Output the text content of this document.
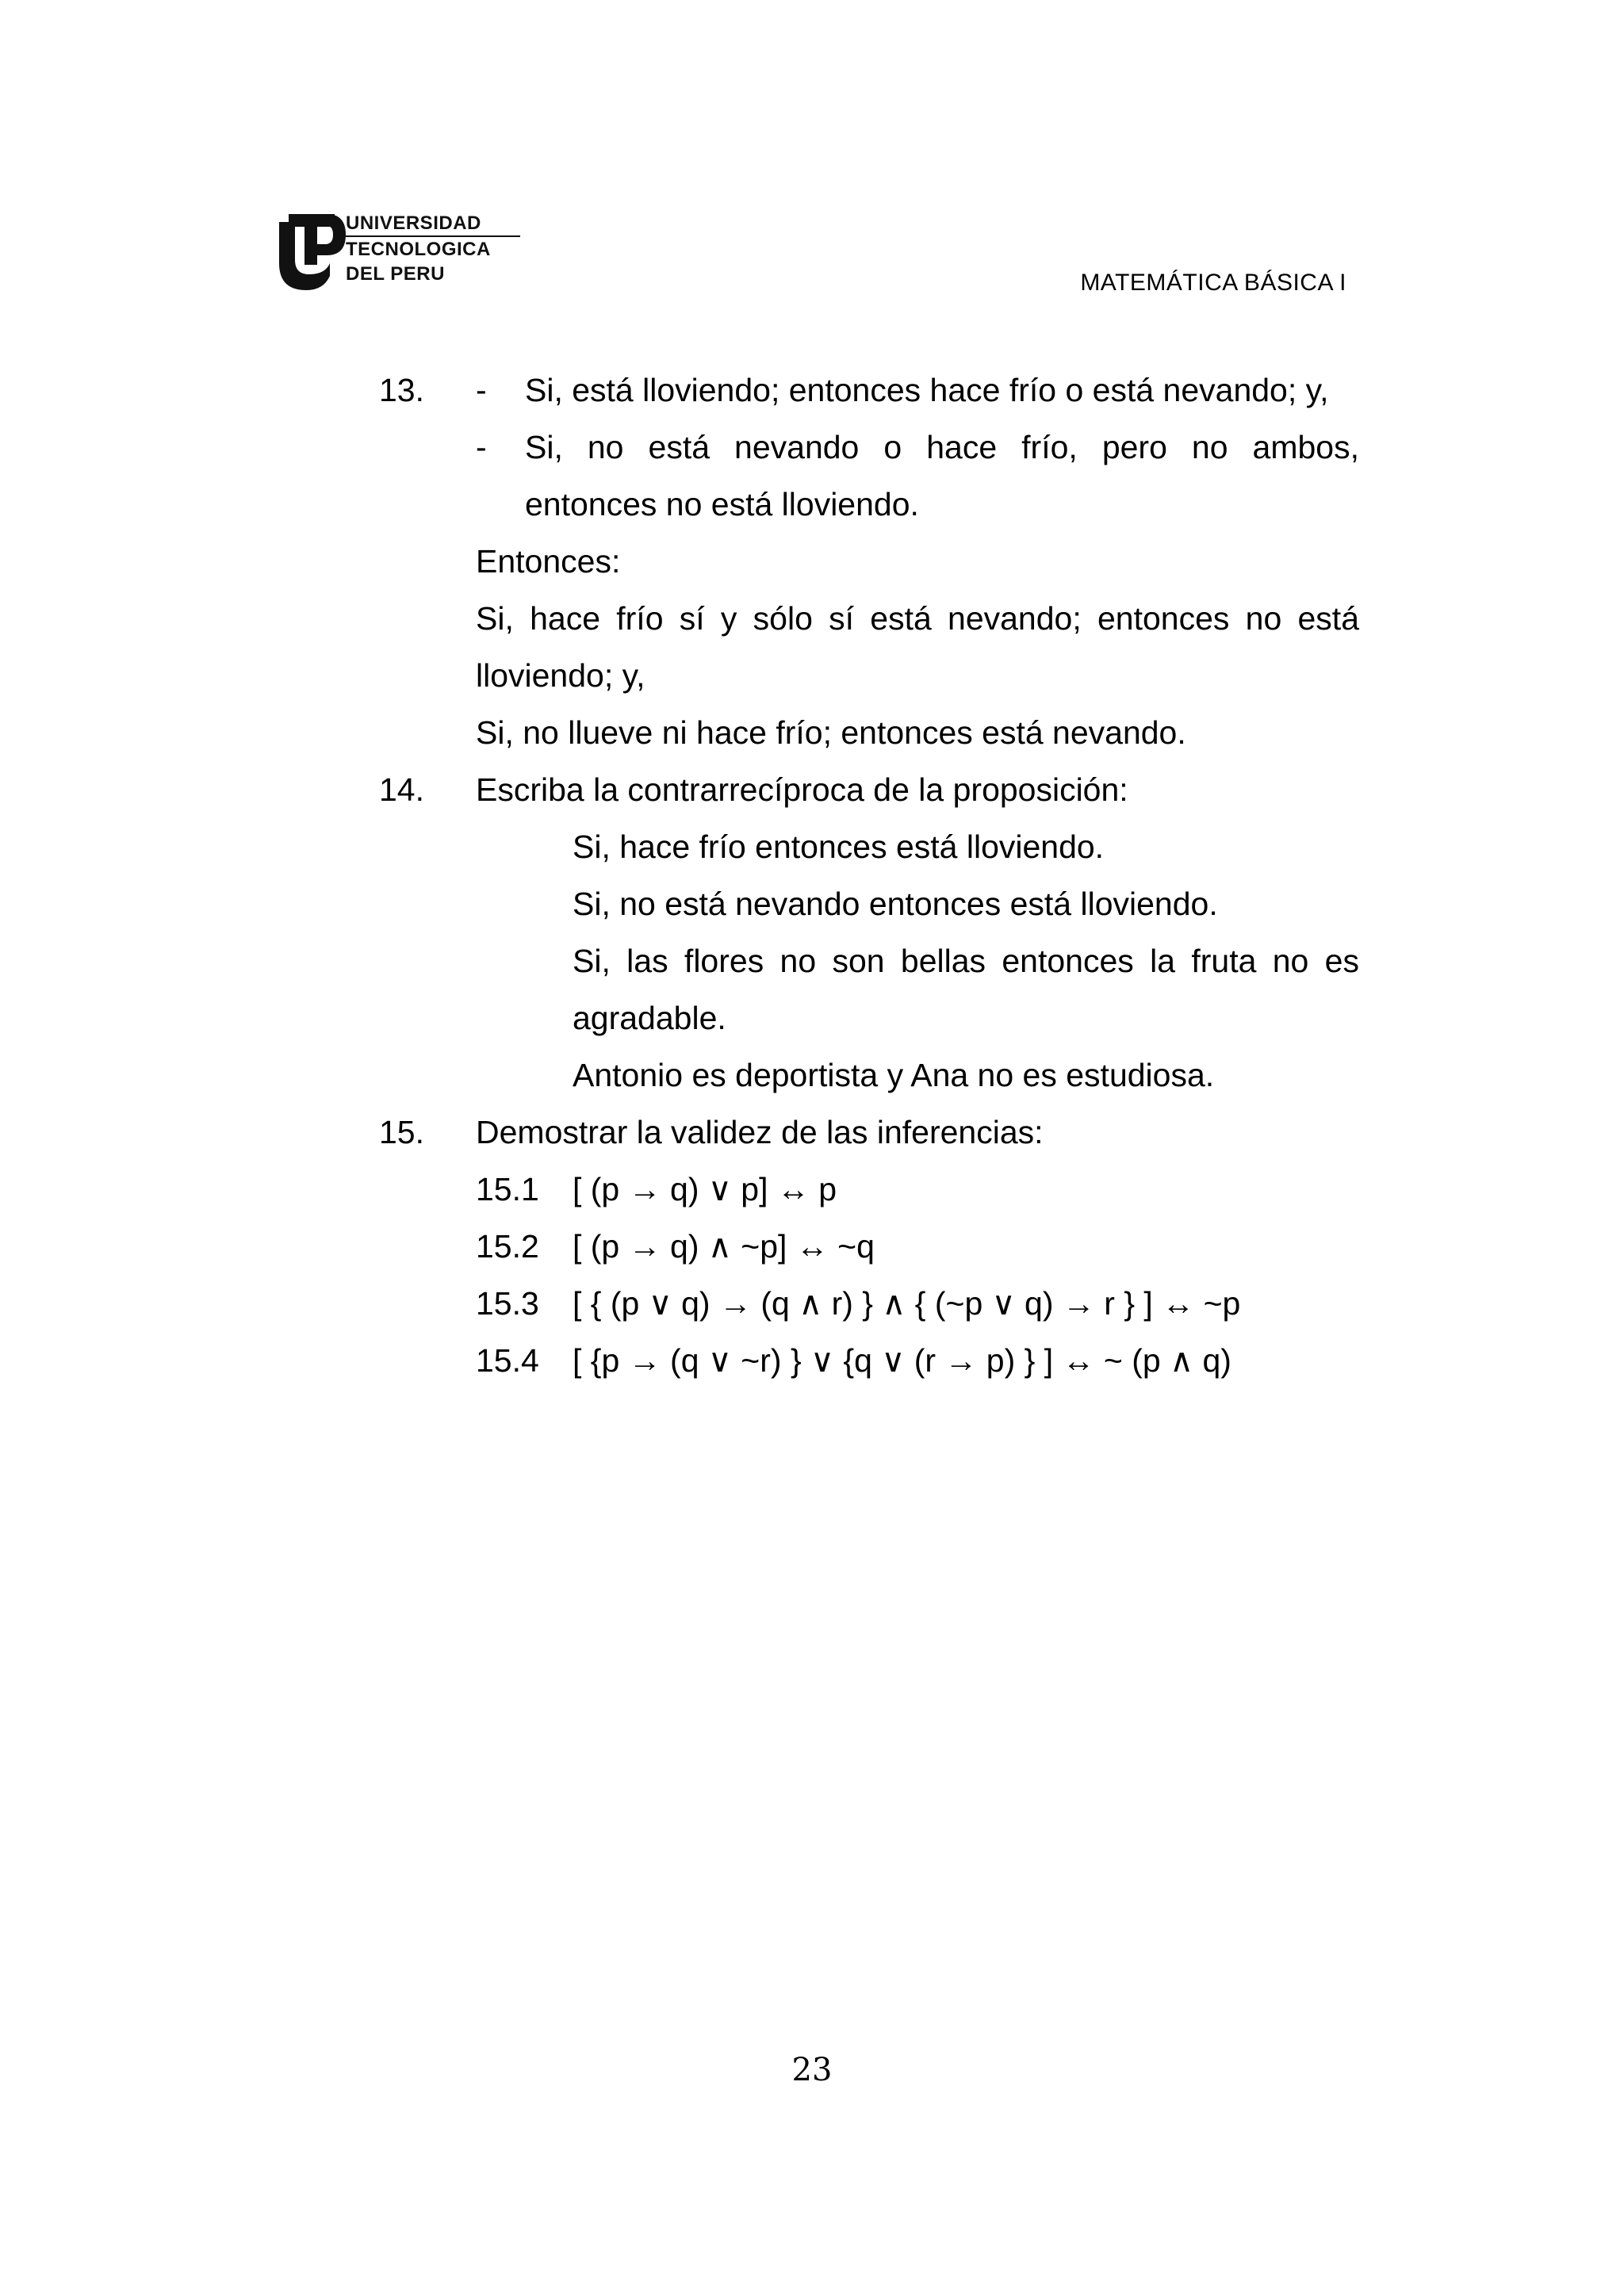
UNIVERSIDAD
TECNOLOGICA
DEL PERU	MATEMÁTICA BÁSICA I
13. - Si, está lloviendo; entonces hace frío o está nevando; y,
- Si, no está nevando o hace frío, pero no ambos,
entonces no está lloviendo.
Entonces:
Si, hace frío sí y sólo sí está nevando; entonces no está
lloviendo; y,
Si, no llueve ni hace frío; entonces está nevando.
14. Escriba la contrarrecíproca de la proposición:
Si, hace frío entonces está lloviendo.
Si, no está nevando entonces está lloviendo.
Si, las flores no son bellas entonces la fruta no es
agradable.
Antonio es deportista y Ana no es estudiosa.
15. Demostrar la validez de las inferencias:
15.1 [ (p → q) ∨ p] ↔ p
15.2 [ (p → q) ∧ ~p] ↔ ~q
15.3 [ { (p ∨ q) → (q ∧ r) } ∧ { (~p ∨ q) → r } ] ↔ ~p
15.4 [ {p → (q ∨ ~r) } ∨ {q ∨ (r → p) } ] ↔ ~ (p ∧ q)
23
